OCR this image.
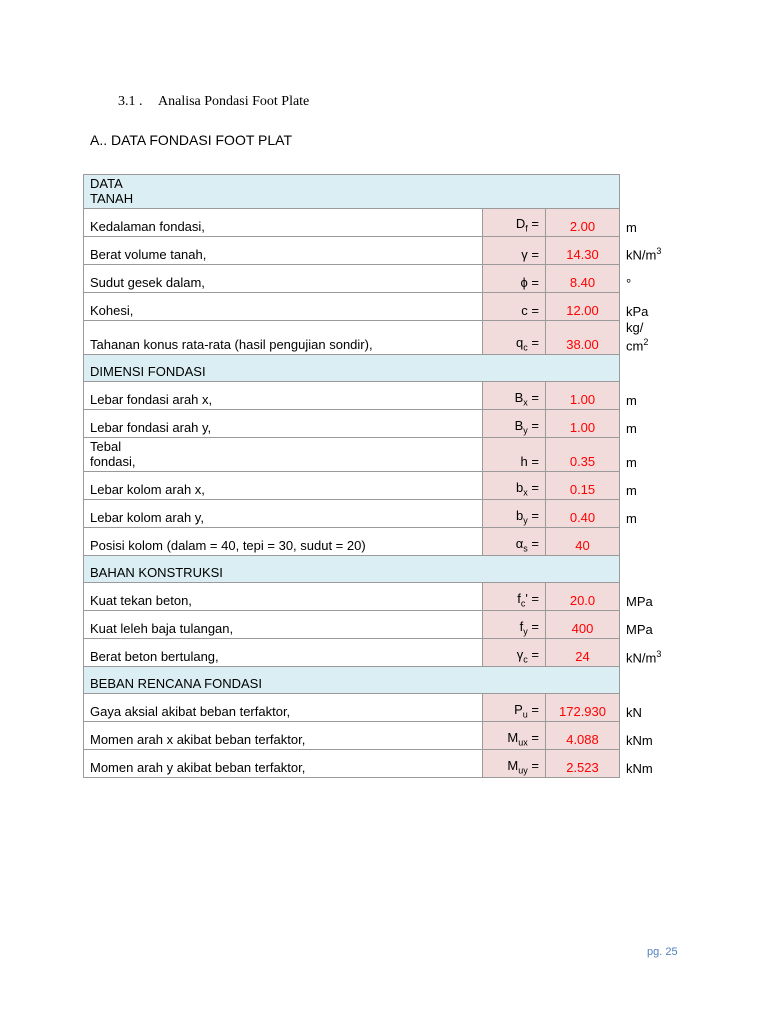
3.1 . Analisa Pondasi Foot Plate
A.. DATA FONDASI FOOT PLAT
DATA
TANAH			
Kedalaman fondasi,	$D_f$ =	2.00	m
Berat volume tanah,	γ =	14.30	$kN/m^3$
Sudut gesek dalam,	ϕ =	8.40	°
Kohesi,	c =	12.00	kPa
Tahanan konus rata-rata (hasil pengujian sondir),	$q_c$ =	38.00	kg/
$cm^2$
DIMENSI FONDASI			
Lebar fondasi arah x,	$B_x$ =	1.00	m
Lebar fondasi arah y,	$B_y$ =	1.00	m
Tebal
fondasi,	h =	0.35	m
Lebar kolom arah x,	$b_x$ =	0.15	m
Lebar kolom arah y,	$b_y$ =	0.40	m
Posisi kolom (dalam = 40, tepi = 30, sudut = 20)	$\alpha_s$ =	40	
BAHAN KONSTRUKSI			
Kuat tekan beton,	$f_c'$ =	20.0	MPa
Kuat leleh baja tulangan,	$f_y$ =	400	MPa
Berat beton bertulang,	$\gamma_c$ =	24	$kN/m^3$
BEBAN RENCANA FONDASI			
Gaya aksial akibat beban terfaktor,	$P_u$ =	172.930	kN
Momen arah x akibat beban terfaktor,	$M_{ux}$ =	4.088	kNm
Momen arah y akibat beban terfaktor,	$M_{uy}$ =	2.523	kNm
pg. 25
